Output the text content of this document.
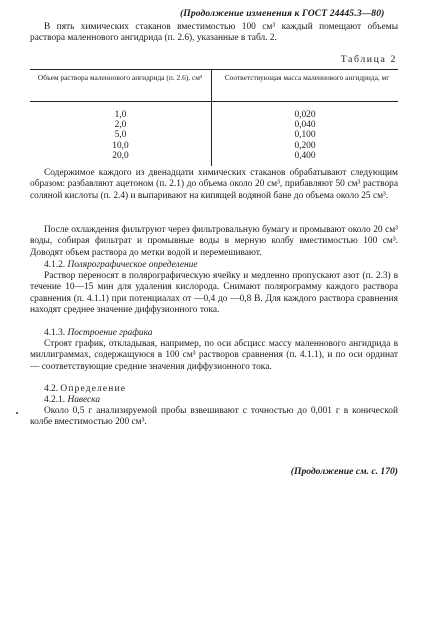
(Продолжение изменения к ГОСТ 24445.3—80)
В пять химических стаканов вместимостью 100 см³ каждый помещают объемы раствора маленнового ангидрида (п. 2.6), указанные в табл. 2.
Таблица 2
Объем раствора маленнового ангидрида (п. 2.6), см³	Соответствующая масса маленнового ангидрида, мг
1,0
2,0
5,0
10,0
20,0
0,020
0,040
0,100
0,200
0,400
Содержимое каждого из двенадцати химических стаканов обрабатывают следующим образом: разбавляют ацетоном (п. 2.1) до объема около 20 см³, прибавляют 50 см³ раствора соляной кислоты (п. 2.4) и выпаривают на кипящей водяной бане до объема около 25 см³.
После охлаждения фильтруют через фильтровальную бумагу и промывают около 20 см³ воды, собирая фильтрат и промывные воды в мерную колбу вместимостью 100 см³. Доводят объем раствора до метки водой и перемешивают.
4.1.2. Полярографическое определение
Раствор переносят в полярографическую ячейку и медленно пропускают азот (п. 2.3) в течение 10—15 мин для удаления кислорода. Снимают полярограмму каждого раствора сравнения (п. 4.1.1) при потенциалах от —0,4 до —0,8 В. Для каждого раствора сравнения находят среднее значение диффузионного тока.
4.1.3. Построение графика
Строят график, откладывая, например, по оси абсцисс массу маленнового ангидрида в миллиграммах, содержащуюся в 100 см³ растворов сравнения (п. 4.1.1), и по оси ординат — соответствующие средние значения диффузионного тока.
4.2. Определение
4.2.1. Навеска
Около 0,5 г анализируемой пробы взвешивают с точностью до 0,001 г в конической колбе вместимостью 200 см³.
(Продолжение см. с. 170)
